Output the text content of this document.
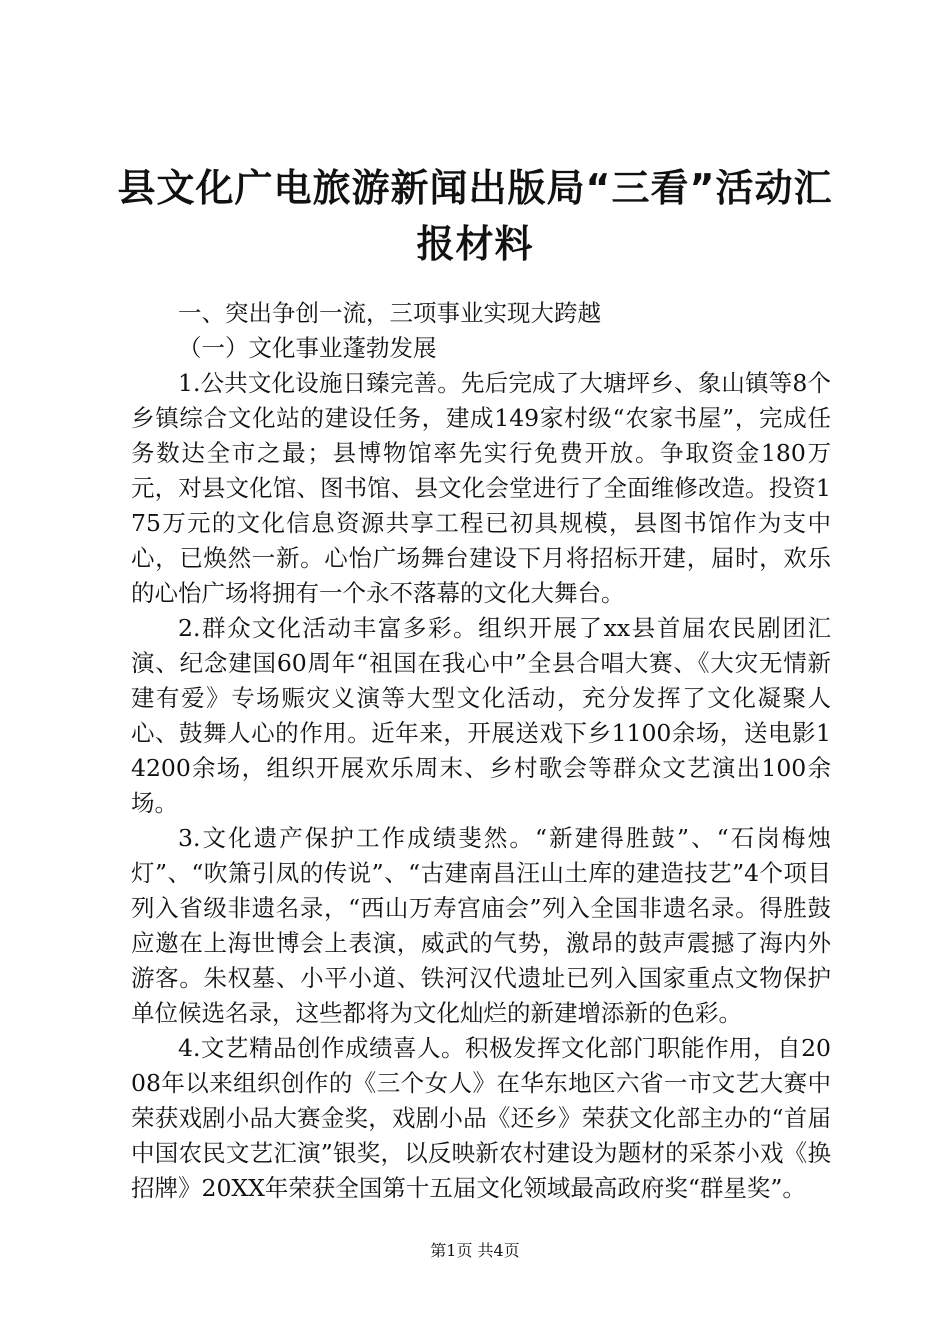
县文化广电旅游新闻出版局“三看”活动汇报材料

一、突出争创一流，三项事业实现大跨越

（一）文化事业蓬勃发展

1.公共文化设施日臻完善。先后完成了大塘坪乡、象山镇等8个乡镇综合文化站的建设任务，建成149家村级“农家书屋”，完成任务数达全市之最；县博物馆率先实行免费开放。争取资金180万元，对县文化馆、图书馆、县文化会堂进行了全面维修改造。投资175万元的文化信息资源共享工程已初具规模，县图书馆作为支中心，已焕然一新。心怡广场舞台建设下月将招标开建，届时，欢乐的心怡广场将拥有一个永不落幕的文化大舞台。

2.群众文化活动丰富多彩。组织开展了xx县首届农民剧团汇演、纪念建国60周年“祖国在我心中”全县合唱大赛、《大灾无情新建有爱》专场赈灾义演等大型文化活动，充分发挥了文化凝聚人心、鼓舞人心的作用。近年来，开展送戏下乡1100余场，送电影14200余场，组织开展欢乐周末、乡村歌会等群众文艺演出100余场。

3.文化遗产保护工作成绩斐然。“新建得胜鼓”、“石岗梅烛灯”、“吹箫引凤的传说”、“古建南昌汪山土库的建造技艺”4个项目列入省级非遗名录，“西山万寿宫庙会”列入全国非遗名录。得胜鼓应邀在上海世博会上表演，威武的气势，激昂的鼓声震撼了海内外游客。朱权墓、小平小道、铁河汉代遗址已列入国家重点文物保护单位候选名录，这些都将为文化灿烂的新建增添新的色彩。

4.文艺精品创作成绩喜人。积极发挥文化部门职能作用，自2008年以来组织创作的《三个女人》在华东地区六省一市文艺大赛中荣获戏剧小品大赛金奖，戏剧小品《还乡》荣获文化部主办的“首届中国农民文艺汇演”银奖，以反映新农村建设为题材的采茶小戏《换招牌》20XX年荣获全国第十五届文化领域最高政府奖“群星奖”。

第1页 共4页
